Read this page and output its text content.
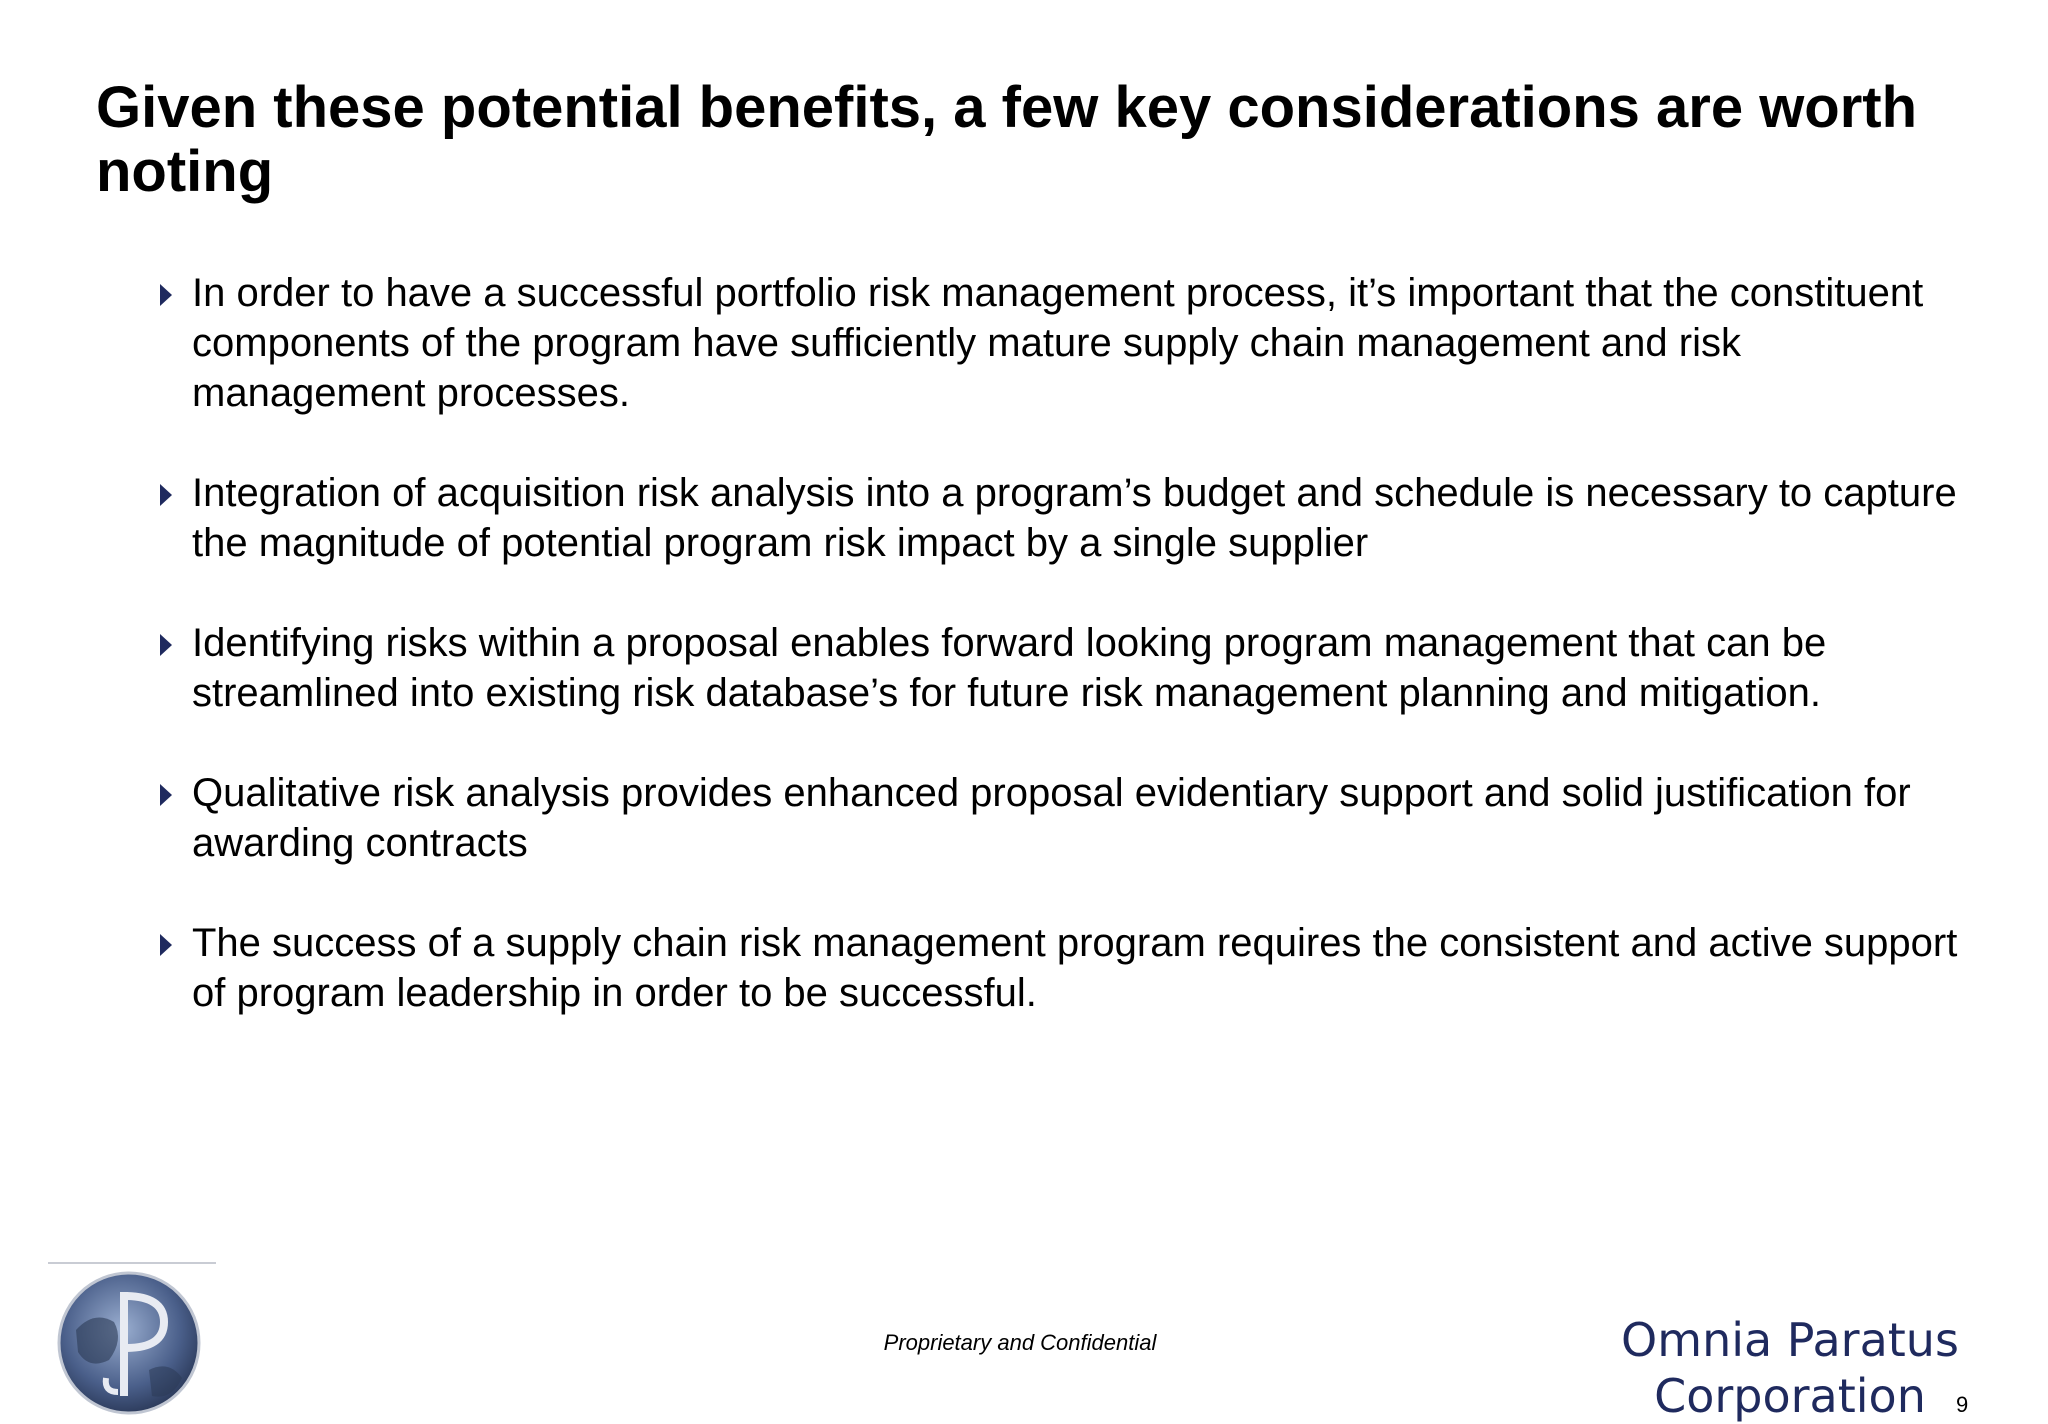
Given these potential benefits, a few key considerations are worth noting
In order to have a successful portfolio risk management process, it’s important that the constituent components of the program have sufficiently mature supply chain management and risk management processes.
Integration of acquisition risk analysis into a program’s budget and schedule is necessary to capture the magnitude of potential program risk impact by a single supplier
Identifying risks within a proposal enables forward looking program management that can be streamlined into existing risk database’s for future risk management planning and mitigation.
Qualitative risk analysis provides enhanced proposal evidentiary support and solid justification for awarding contracts
The success of a supply chain risk management program requires the consistent and active support of program leadership in order to be successful.
Proprietary and Confidential	Omnia Paratus
Corporation	9
